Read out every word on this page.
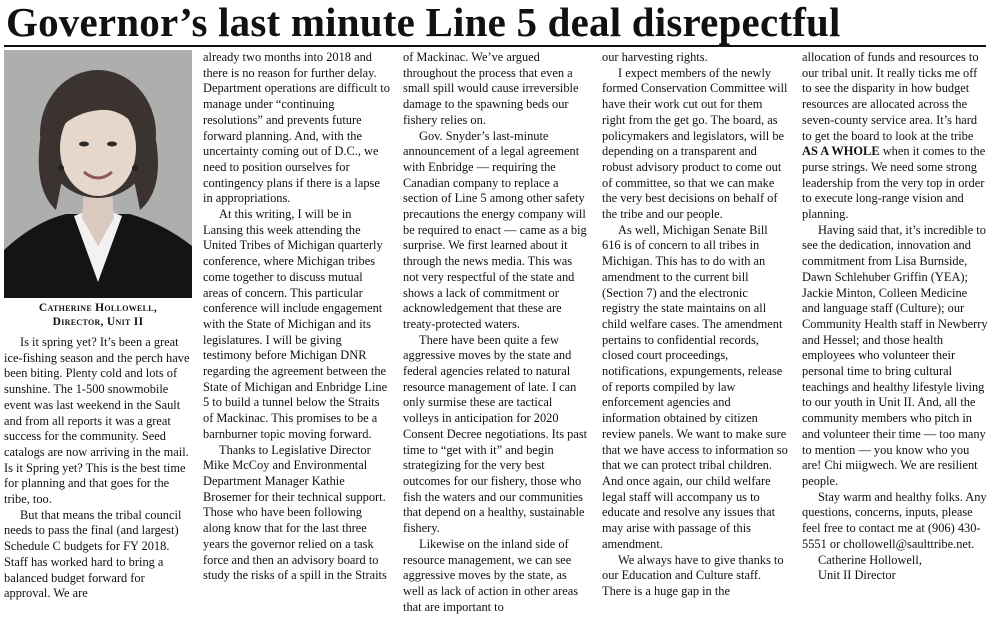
Governor’s last minute Line 5 deal disrepectful
Catherine Hollowell,
Director, Unit II

Is it spring yet? It’s been a great ice-fishing season and the perch have been biting. Plenty cold and lots of sunshine. The 1-500 snowmobile event was last weekend in the Sault and from all reports it was a great success for the community. Seed catalogs are now arriving in the mail. Is it Spring yet? This is the best time for planning and that goes for the tribe, too.

But that means the tribal council needs to pass the final (and largest) Schedule C budgets for FY 2018. Staff has worked hard to bring a balanced budget forward for approval. We are

already two months into 2018 and there is no reason for further delay. Department operations are difficult to manage under “continuing resolutions” and prevents future forward planning. And, with the uncertainty coming out of D.C., we need to position ourselves for contingency plans if there is a lapse in appropriations.

At this writing, I will be in Lansing this week attending the United Tribes of Michigan quarterly conference, where Michigan tribes come together to discuss mutual areas of concern. This particular conference will include engagement with the State of Michigan and its legislatures. I will be giving testimony before Michigan DNR regarding the agreement between the State of Michigan and Enbridge Line 5 to build a tunnel below the Straits of Mackinac. This promises to be a barnburner topic moving forward.

Thanks to Legislative Director Mike McCoy and Environmental Department Manager Kathie Brosemer for their technical support. Those who have been following along know that for the last three years the governor relied on a task force and then an advisory board to study the risks of a spill in the Straits

of Mackinac. We’ve argued throughout the process that even a small spill would cause irreversible damage to the spawning beds our fishery relies on.

Gov. Snyder’s last-minute announcement of a legal agreement with Enbridge — requiring the Canadian company to replace a section of Line 5 among other safety precautions the energy company will be required to enact — came as a big surprise. We first learned about it through the news media. This was not very respectful of the state and shows a lack of commitment or acknowledgement that these are treaty-protected waters.

There have been quite a few aggressive moves by the state and federal agencies related to natural resource management of late. I can only surmise these are tactical volleys in anticipation for 2020 Consent Decree negotiations. Its past time to “get with it” and begin strategizing for the very best outcomes for our fishery, those who fish the waters and our communities that depend on a healthy, sustainable fishery.

Likewise on the inland side of resource management, we can see aggressive moves by the state, as well as lack of action in other areas that are important to

our harvesting rights.

I expect members of the newly formed Conservation Committee will have their work cut out for them right from the get go. The board, as policymakers and legislators, will be depending on a transparent and robust advisory product to come out of committee, so that we can make the very best decisions on behalf of the tribe and our people.

As well, Michigan Senate Bill 616 is of concern to all tribes in Michigan. This has to do with an amendment to the current bill (Section 7) and the electronic registry the state maintains on all child welfare cases. The amendment pertains to confidential records, closed court proceedings, notifications, expungements, release of reports compiled by law enforcement agencies and information obtained by citizen review panels. We want to make sure that we have access to information so that we can protect tribal children. And once again, our child welfare legal staff will accompany us to educate and resolve any issues that may arise with passage of this amendment.

We always have to give thanks to our Education and Culture staff. There is a huge gap in the

allocation of funds and resources to our tribal unit. It really ticks me off to see the disparity in how budget resources are allocated across the seven-county service area. It’s hard to get the board to look at the tribe AS A WHOLE when it comes to the purse strings. We need some strong leadership from the very top in order to execute long-range vision and planning.

Having said that, it’s incredible to see the dedication, innovation and commitment from Lisa Burnside, Dawn Schlehuber Griffin (YEA); Jackie Minton, Colleen Medicine and language staff (Culture); our Community Health staff in Newberry and Hessel; and those health employees who volunteer their personal time to bring cultural teachings and healthy lifestyle living to our youth in Unit II. And, all the community members who pitch in and volunteer their time — too many to mention — you know who you are! Chi miigwech. We are resilient people.

Stay warm and healthy folks. Any questions, concerns, inputs, please feel free to contact me at (906) 430-5551 or chollowell@saulttribe.net.

Catherine Hollowell,

Unit II Director
